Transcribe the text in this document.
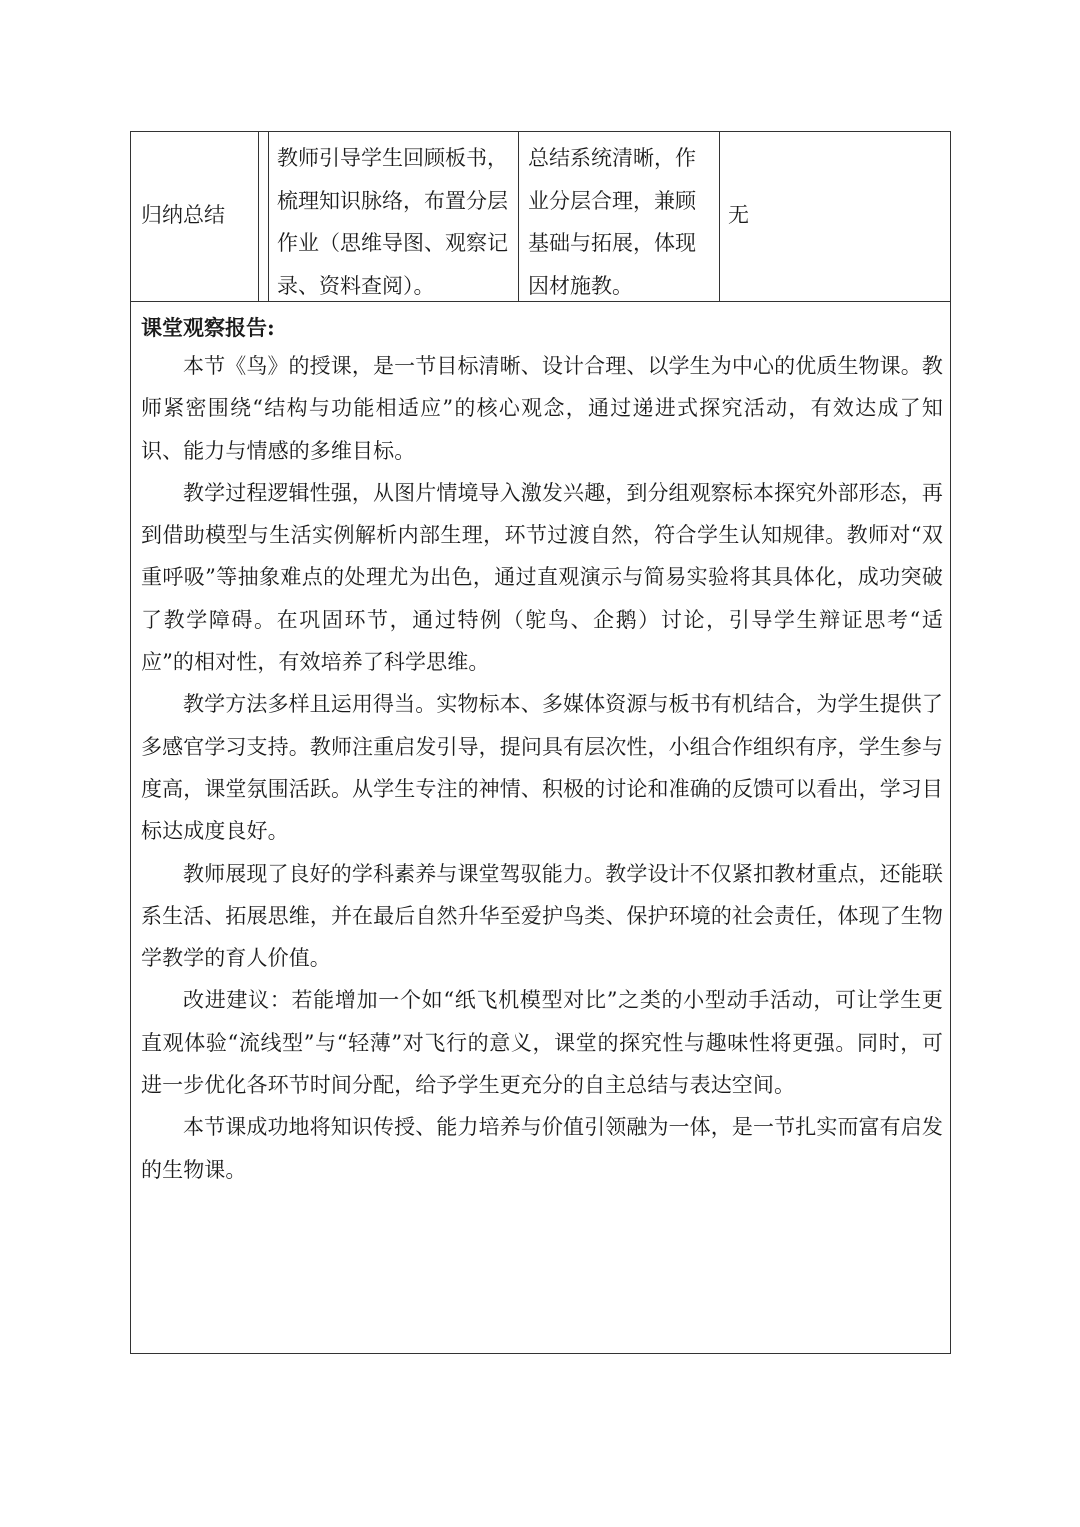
归纳总结
教师引导学生回顾板书，梳理知识脉络，布置分层作业（思维导图、观察记录、资料查阅）。
总结系统清晰，作业分层合理，兼顾基础与拓展，体现因材施教。
无
课堂观察报告:

本节《鸟》的授课，是一节目标清晰、设计合理、以学生为中心的优质生物课。教师紧密围绕“结构与功能相适应”的核心观念，通过递进式探究活动，有效达成了知识、能力与情感的多维目标。

教学过程逻辑性强，从图片情境导入激发兴趣，到分组观察标本探究外部形态，再到借助模型与生活实例解析内部生理，环节过渡自然，符合学生认知规律。教师对“双重呼吸”等抽象难点的处理尤为出色，通过直观演示与简易实验将其具体化，成功突破了教学障碍。在巩固环节，通过特例（鸵鸟、企鹅）讨论，引导学生辩证思考“适应”的相对性，有效培养了科学思维。

教学方法多样且运用得当。实物标本、多媒体资源与板书有机结合，为学生提供了多感官学习支持。教师注重启发引导，提问具有层次性，小组合作组织有序，学生参与度高，课堂氛围活跃。从学生专注的神情、积极的讨论和准确的反馈可以看出，学习目标达成度良好。

教师展现了良好的学科素养与课堂驾驭能力。教学设计不仅紧扣教材重点，还能联系生活、拓展思维，并在最后自然升华至爱护鸟类、保护环境的社会责任，体现了生物学教学的育人价值。

改进建议：若能增加一个如“纸飞机模型对比”之类的小型动手活动，可让学生更直观体验“流线型”与“轻薄”对飞行的意义，课堂的探究性与趣味性将更强。同时，可进一步优化各环节时间分配，给予学生更充分的自主总结与表达空间。

本节课成功地将知识传授、能力培养与价值引领融为一体，是一节扎实而富有启发的生物课。
